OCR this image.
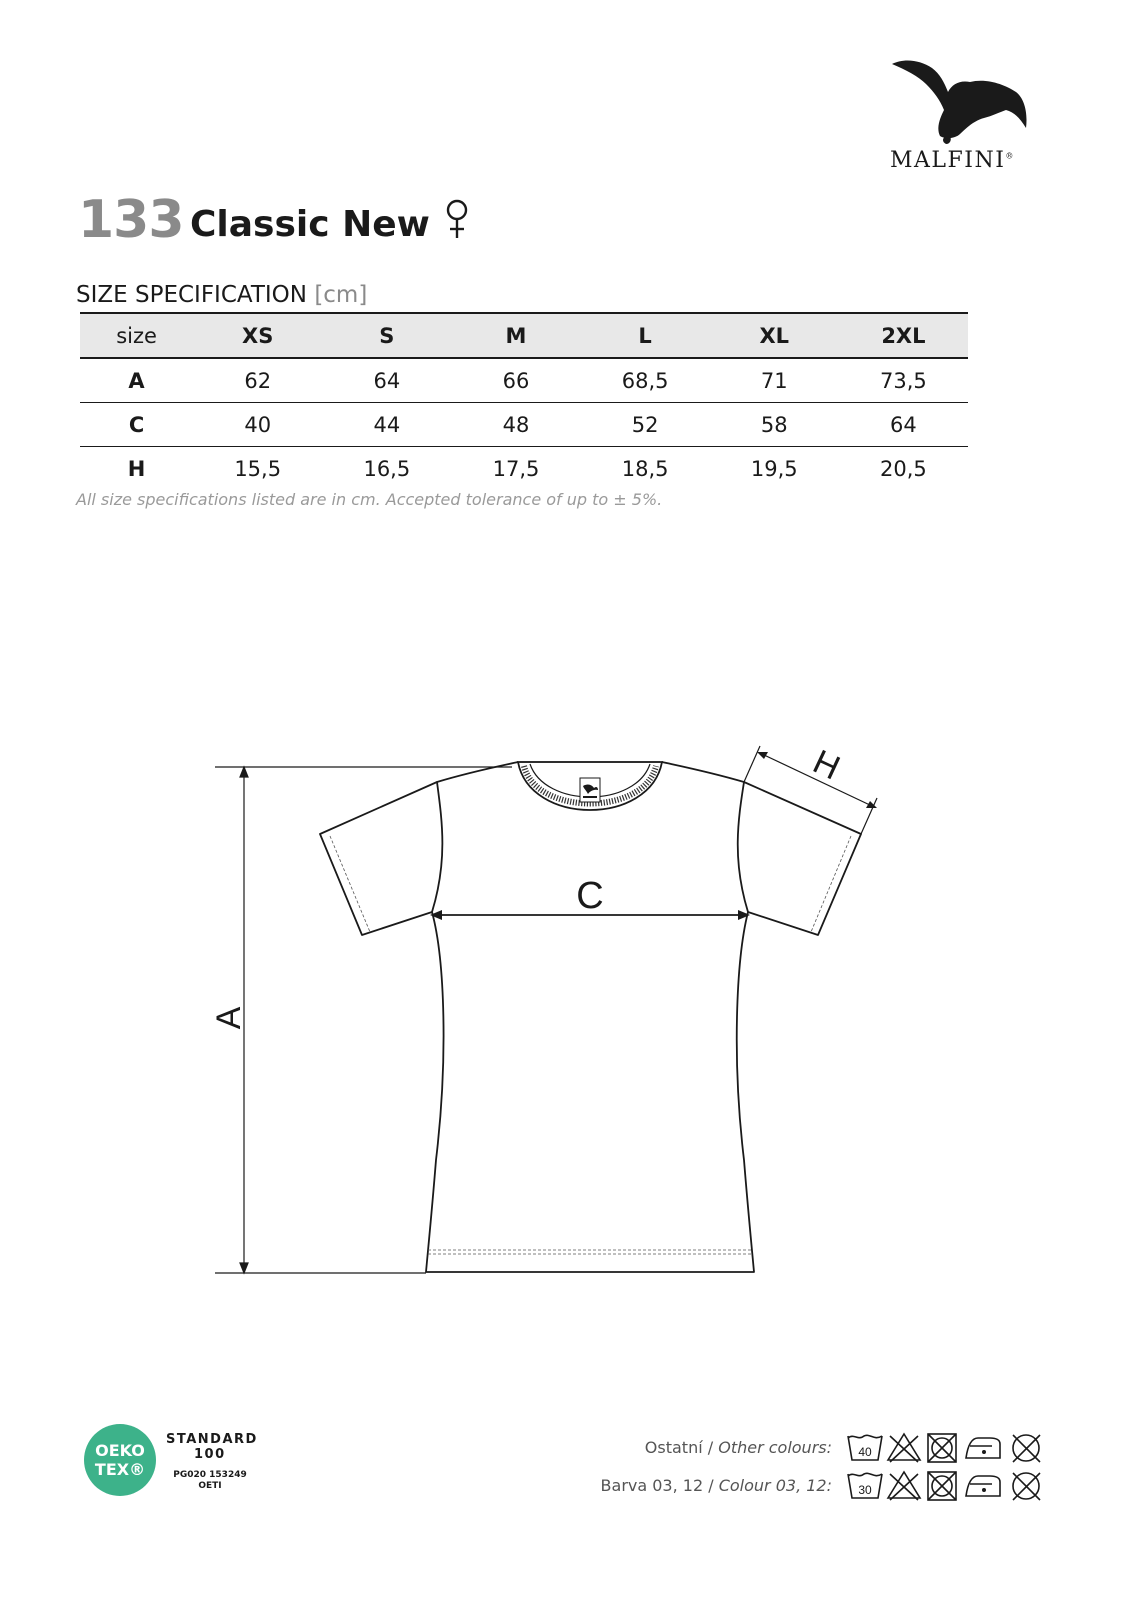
MALFINI®
133 Classic New
SIZE SPECIFICATION [cm]
size	XS	S	M	L	XL	2XL
A	62	64	66	68,5	71	73,5
C	40	44	48	52	58	64
H	15,5	16,5	17,5	18,5	19,5	20,5
All size specifications listed are in cm. Accepted tolerance of up to ± 5%.
A
C
H
OEKO
TEX®
STANDARD
100
PG020 153249
OETI
Ostatní / Other colours: 40
Barva 03, 12 / Colour 03, 12: 30
